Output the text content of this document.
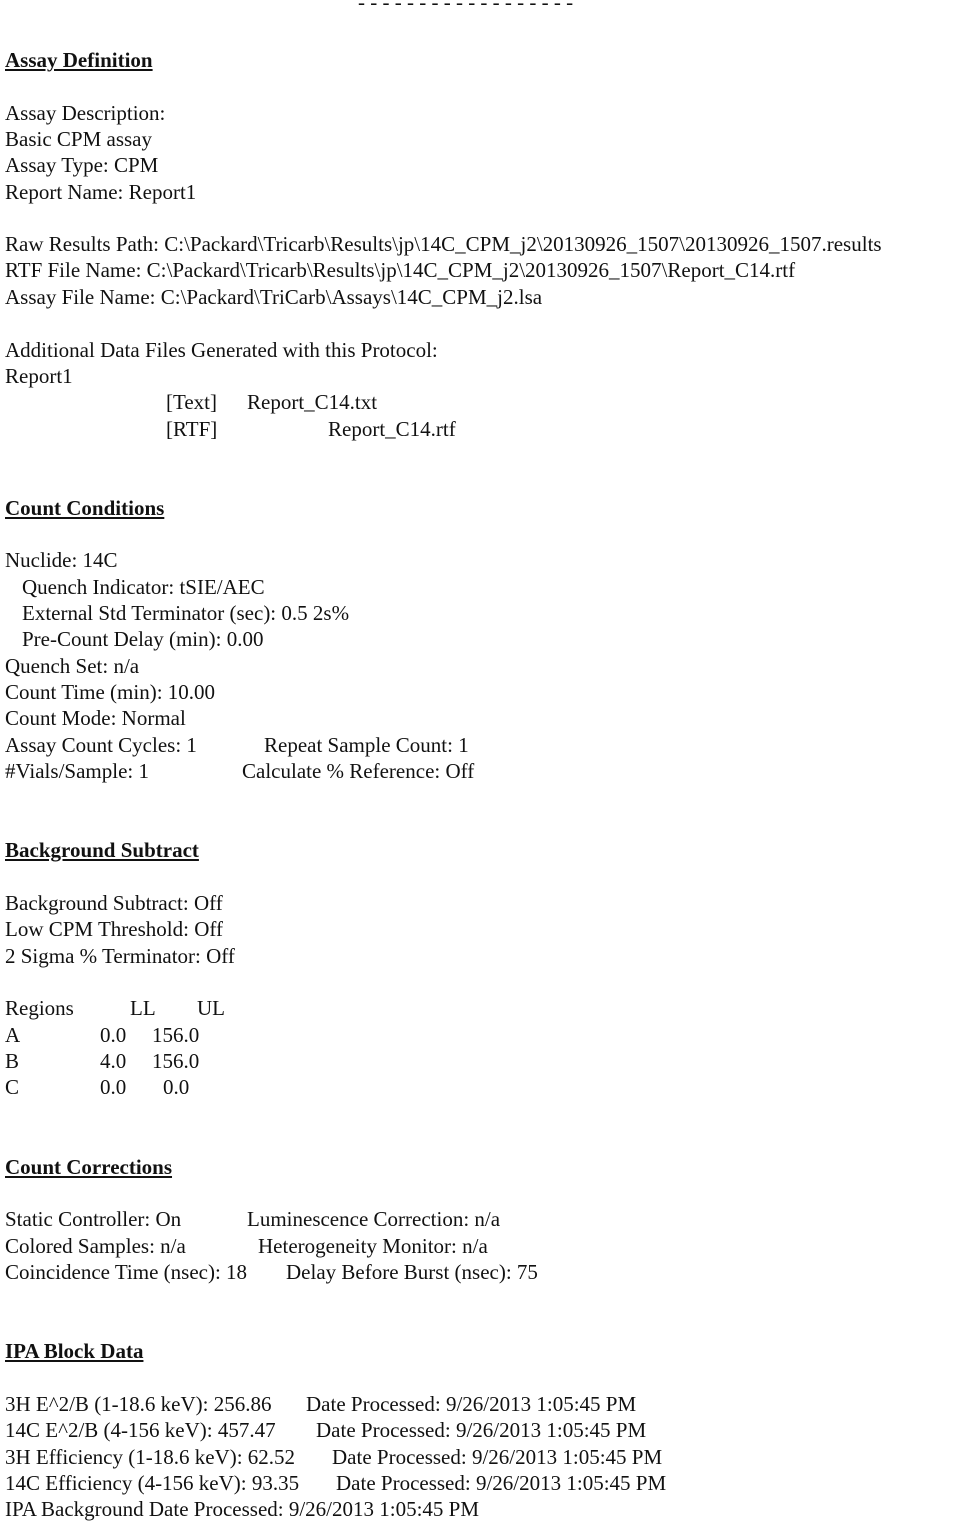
- - - - - - - - - - - - - - - - - -
Assay Definition
Assay Description:
Basic CPM assay
Assay Type: CPM
Report Name: Report1
Raw Results Path: C:\Packard\Tricarb\Results\jp\14C_CPM_j2\20130926_1507\20130926_1507.results
RTF File Name: C:\Packard\Tricarb\Results\jp\14C_CPM_j2\20130926_1507\Report_C14.rtf
Assay File Name: C:\Packard\TriCarb\Assays\14C_CPM_j2.lsa
Additional Data Files Generated with this Protocol:
Report1
[Text] Report_C14.txt
[RTF]	Report_C14.rtf
Count Conditions
Nuclide: 14C
Quench Indicator: tSIE/AEC
External Std Terminator (sec): 0.5 2s%
Pre-Count Delay (min): 0.00
Quench Set: n/a
Count Time (min): 10.00
Count Mode: Normal
Assay Count Cycles: 1	Repeat Sample Count: 1
#Vials/Sample: 1	Calculate % Reference: Off
Background Subtract
Background Subtract: Off
Low CPM Threshold: Off
2 Sigma % Terminator: Off
Regions	LL UL
A	0.0 156.0
B	4.0 156.0
C	0.0 0.0
Count Corrections
Static Controller: On	Luminescence Correction: n/a
Colored Samples: n/a	Heterogeneity Monitor: n/a
Coincidence Time (nsec): 18 Delay Before Burst (nsec): 75
IPA Block Data
3H E^2/B (1-18.6 keV): 256.86 Date Processed: 9/26/2013 1:05:45 PM
14C E^2/B (4-156 keV): 457.47 Date Processed: 9/26/2013 1:05:45 PM
3H Efficiency (1-18.6 keV): 62.52 Date Processed: 9/26/2013 1:05:45 PM
14C Efficiency (4-156 keV): 93.35 Date Processed: 9/26/2013 1:05:45 PM
IPA Background Date Processed: 9/26/2013 1:05:45 PM
